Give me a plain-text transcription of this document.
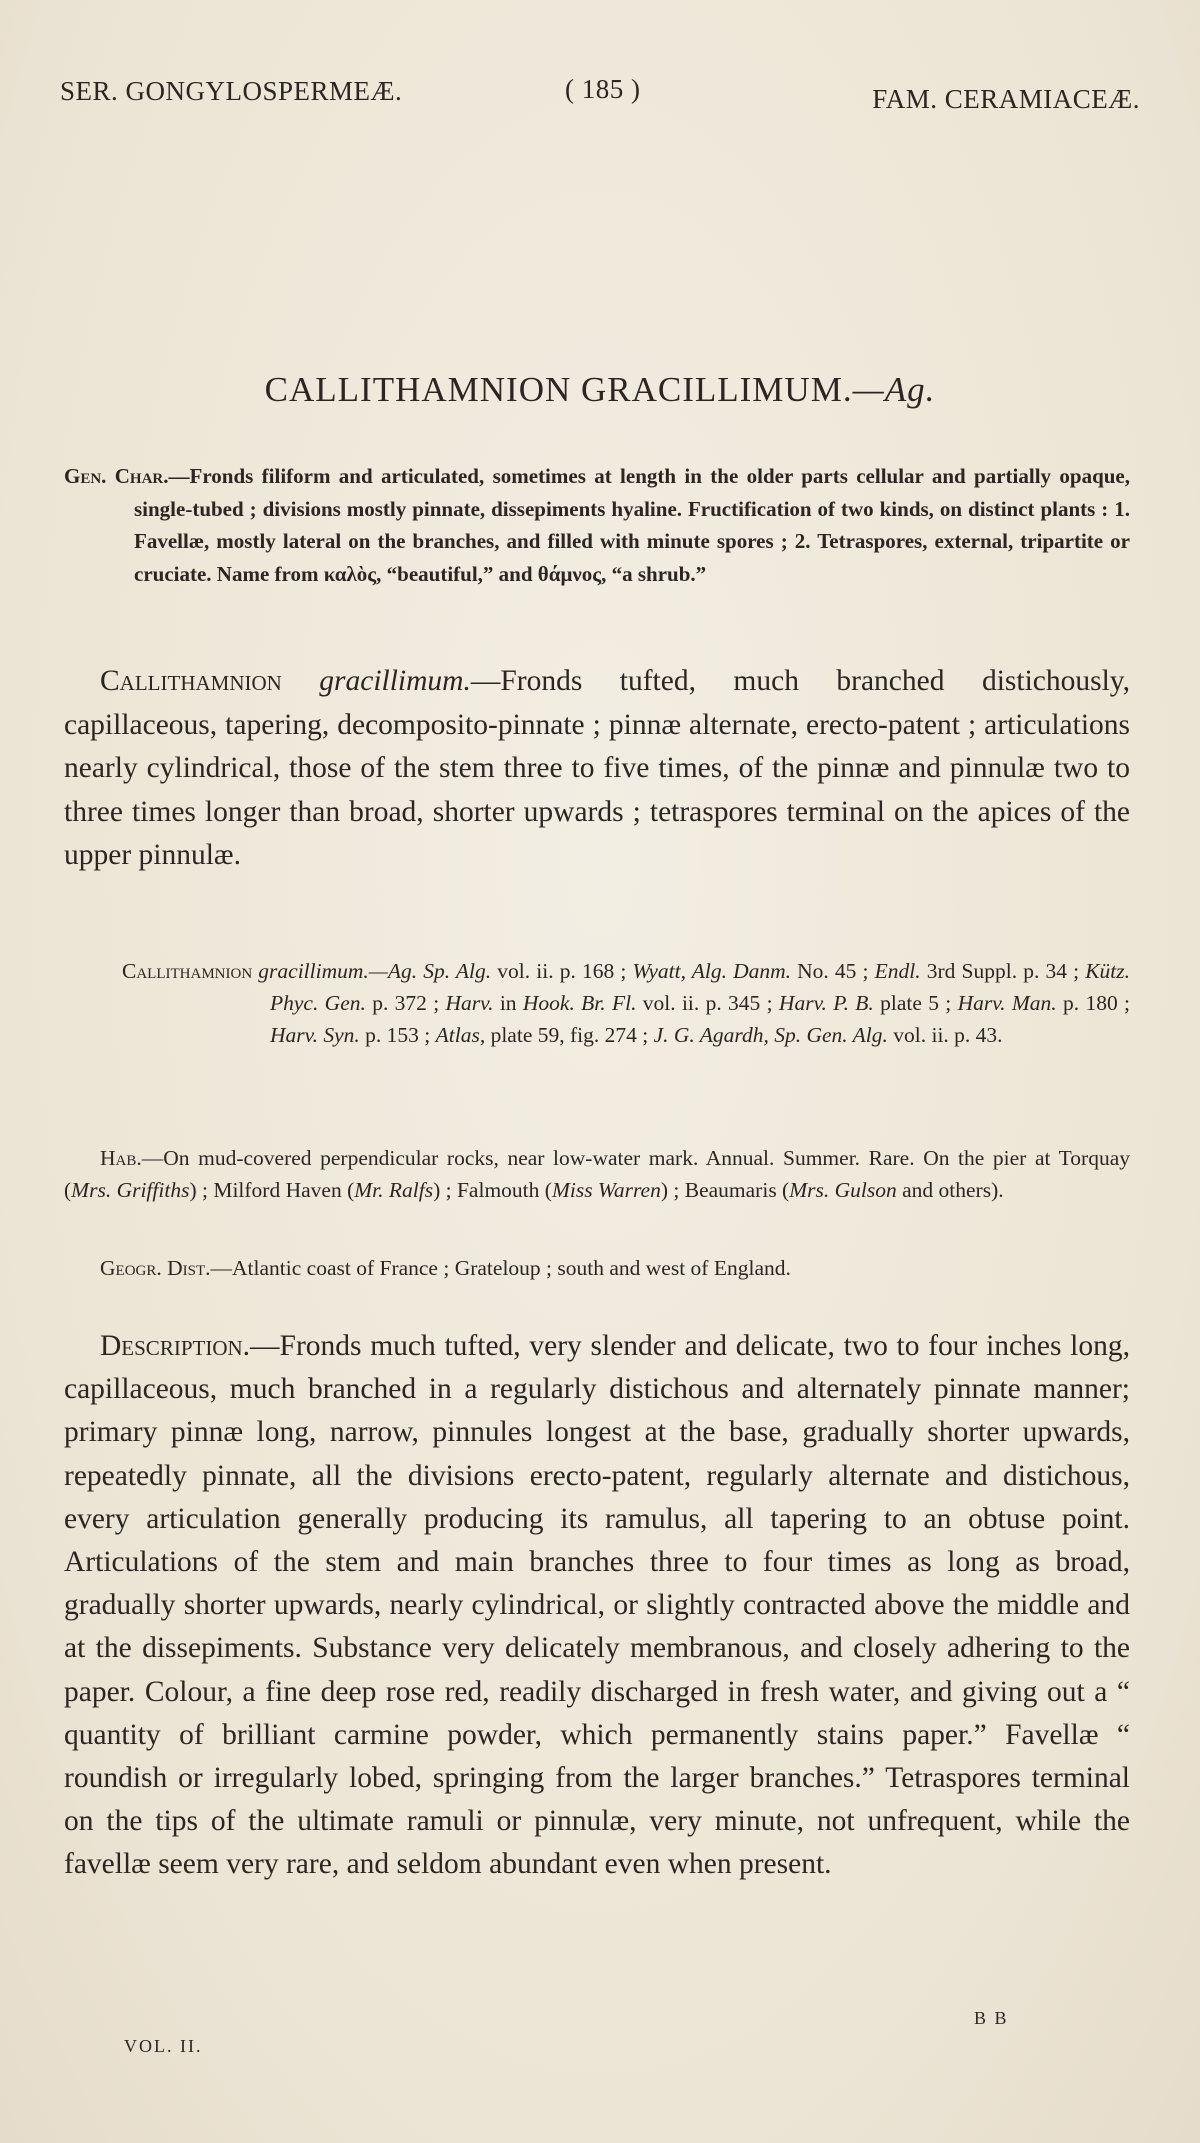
SER. GONGYLOSPERMEÆ.	( 185 )	FAM. CERAMIACEÆ.
CALLITHAMNION GRACILLIMUM.—Ag.

Gen. Char.—Fronds filiform and articulated, sometimes at length in the older parts cellular and partially opaque, single-tubed ; divisions mostly pinnate, dissepiments hyaline. Fructification of two kinds, on distinct plants : 1. Favellæ, mostly lateral on the branches, and filled with minute spores ; 2. Tetraspores, external, tripartite or cruciate. Name from καλὸς, “beautiful,” and θάμνος, “a shrub.”

Callithamnion gracillimum.—Fronds tufted, much branched distichously, capillaceous, tapering, decomposito-pinnate ; pinnæ alternate, erecto-patent ; articulations nearly cylindrical, those of the stem three to five times, of the pinnæ and pinnulæ two to three times longer than broad, shorter upwards ; tetraspores terminal on the apices of the upper pinnulæ.

Callithamnion gracillimum.—Ag. Sp. Alg. vol. ii. p. 168 ; Wyatt, Alg. Danm. No. 45 ; Endl. 3rd Suppl. p. 34 ; Kütz. Phyc. Gen. p. 372 ; Harv. in Hook. Br. Fl. vol. ii. p. 345 ; Harv. P. B. plate 5 ; Harv. Man. p. 180 ; Harv. Syn. p. 153 ; Atlas, plate 59, fig. 274 ; J. G. Agardh, Sp. Gen. Alg. vol. ii. p. 43.

Hab.—On mud-covered perpendicular rocks, near low-water mark. Annual. Summer. Rare. On the pier at Torquay (Mrs. Griffiths) ; Milford Haven (Mr. Ralfs) ; Falmouth (Miss Warren) ; Beaumaris (Mrs. Gulson and others).

Geogr. Dist.—Atlantic coast of France ; Grateloup ; south and west of England.

Description.—Fronds much tufted, very slender and delicate, two to four inches long, capillaceous, much branched in a regularly distichous and alternately pinnate manner; primary pinnæ long, narrow, pinnules longest at the base, gradually shorter upwards, repeatedly pinnate, all the divisions erecto-patent, regularly alternate and distichous, every articulation generally producing its ramulus, all tapering to an obtuse point. Articulations of the stem and main branches three to four times as long as broad, gradually shorter upwards, nearly cylindrical, or slightly contracted above the middle and at the dissepiments. Substance very delicately membranous, and closely adhering to the paper. Colour, a fine deep rose red, readily discharged in fresh water, and giving out a “ quantity of brilliant carmine powder, which permanently stains paper.” Favellæ “ roundish or irregularly lobed, springing from the larger branches.” Tetraspores terminal on the tips of the ultimate ramuli or pinnulæ, very minute, not unfrequent, while the favellæ seem very rare, and seldom abundant even when present.

VOL. II.
B B
